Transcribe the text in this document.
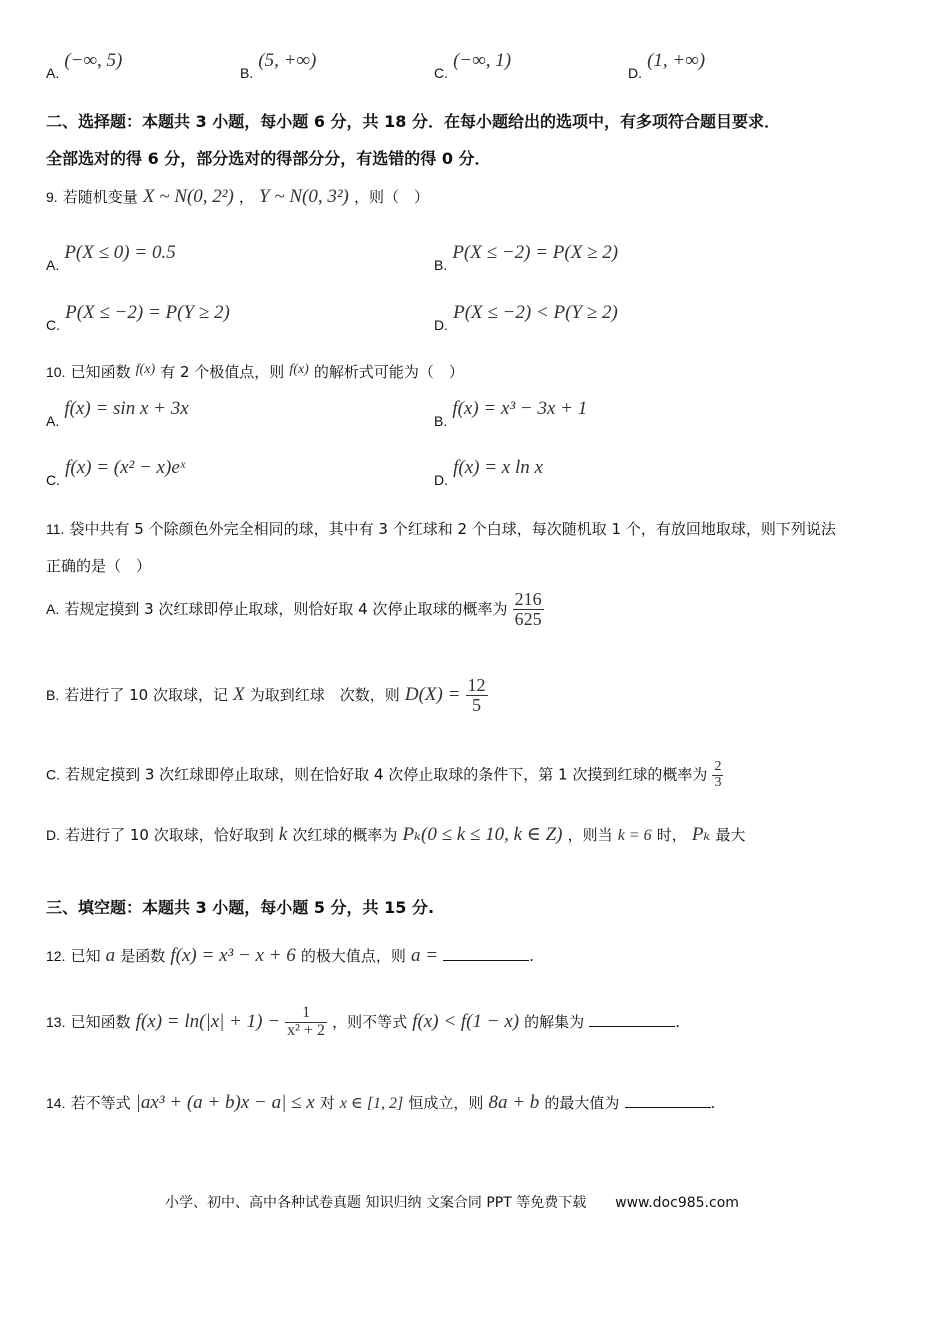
A. (−∞, 5)
B. (5, +∞)
C. (−∞, 1)
D. (1, +∞)
二、选择题：本题共 3 小题，每小题 6 分，共 18 分．在每小题给出的选项中，有多项符合题目要求．
全部选对的得 6 分，部分选对的得部分分，有选错的得 0 分．
9. 若随机变量 X ~ N(0, 2²) ， Y ~ N(0, 3²) ，则（　）
A. P(X ≤ 0) = 0.5
B. P(X ≤ −2) = P(X ≥ 2)
C. P(X ≤ −2) = P(Y ≥ 2)
D. P(X ≤ −2) < P(Y ≥ 2)
10. 已知函数 f(x) 有 2 个极值点，则 f(x) 的解析式可能为（　）
A. f(x) = sin x + 3x
B. f(x) = x³ − 3x + 1
C. f(x) = (x² − x)eˣ
D. f(x) = x ln x
11. 袋中共有 5 个除颜色外完全相同的球，其中有 3 个红球和 2 个白球，每次随机取 1 个，有放回地取球，则下列说法
正确的是（　）
A. 若规定摸到 3 次红球即停止取球，则恰好取 4 次停止取球的概率为 $\frac{216}{625}$
B. 若进行了 10 次取球，记 X 为取到红球　次数，则 $D(X) = \frac{12}{5}$
C. 若规定摸到 3 次红球即停止取球，则在恰好取 4 次停止取球的条件下，第 1 次摸到红球的概率为 $\frac{2}{3}$
D. 若进行了 10 次取球，恰好取到 k 次红球的概率为 Pₖ(0 ≤ k ≤ 10, k ∈ Z) ，则当 k = 6 时， Pₖ 最大
三、填空题：本题共 3 小题，每小题 5 分，共 15 分.
12. 已知 a 是函数 f(x) = x³ − x + 6 的极大值点，则 a =	.
13. 已知函数 $f(x) = \ln(|x| + 1) - \frac{1}{\text{x² + 2}}$ ，则不等式 f(x) < f(1 − x) 的解集为	.
14. 若不等式 |ax³ + (a + b)x − a| ≤ x 对 x ∈ [1, 2] 恒成立，则 8a + b 的最大值为	.
小学、初中、高中各种试卷真题 知识归纳 文案合同 PPT 等免费下载 www.doc985.com
